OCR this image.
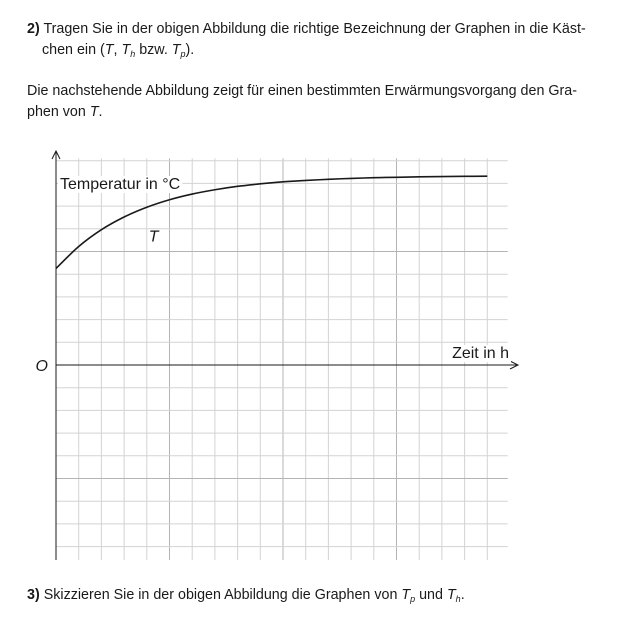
2) Tragen Sie in der obigen Abbildung die richtige Bezeichnung der Graphen in die Käst-
chen ein (T, $T_h$ bzw. $T_p$).

Die nachstehende Abbildung zeigt für einen bestimmten Erwärmungsvorgang den Gra-
phen von T.

T
Temperatur in °C
Zeit in h
O

3) Skizzieren Sie in der obigen Abbildung die Graphen von $T_p$ und $T_h$.
